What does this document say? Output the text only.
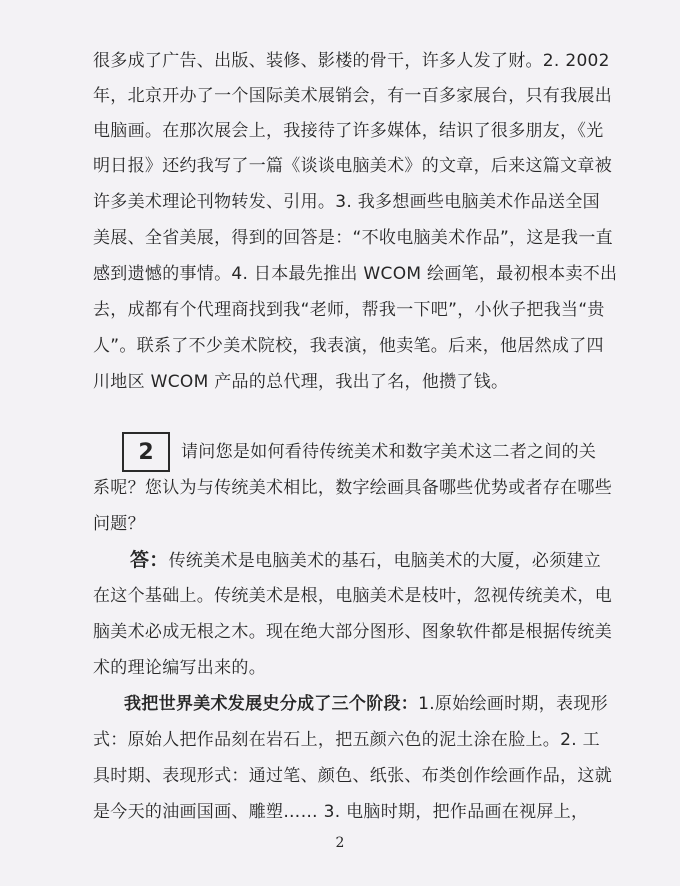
很多成了广告、出版、装修、影楼的骨干，许多人发了财。2. 2002
年，北京开办了一个国际美术展销会，有一百多家展台，只有我展出
电脑画。在那次展会上，我接待了许多媒体，结识了很多朋友，《光
明日报》还约我写了一篇《谈谈电脑美术》的文章，后来这篇文章被
许多美术理论刊物转发、引用。3. 我多想画些电脑美术作品送全国
美展、全省美展，得到的回答是：“不收电脑美术作品”，这是我一直
感到遗憾的事情。4. 日本最先推出 WCOM 绘画笔，最初根本卖不出
去，成都有个代理商找到我“老师，帮我一下吧”，小伙子把我当“贵
人”。联系了不少美术院校，我表演，他卖笔。后来，他居然成了四
川地区 WCOM 产品的总代理，我出了名，他攒了钱。
2	请问您是如何看待传统美术和数字美术这二者之间的关
系呢？您认为与传统美术相比，数字绘画具备哪些优势或者存在哪些
问题？
答：传统美术是电脑美术的基石，电脑美术的大厦，必须建立
在这个基础上。传统美术是根，电脑美术是枝叶，忽视传统美术，电
脑美术必成无根之木。现在绝大部分图形、图象软件都是根据传统美
术的理论编写出来的。
我把世界美术发展史分成了三个阶段：1.原始绘画时期，表现形
式：原始人把作品刻在岩石上，把五颜六色的泥土涂在脸上。2. 工
具时期、表现形式：通过笔、颜色、纸张、布类创作绘画作品，这就
是今天的油画国画、雕塑…… 3. 电脑时期，把作品画在视屏上，
2
